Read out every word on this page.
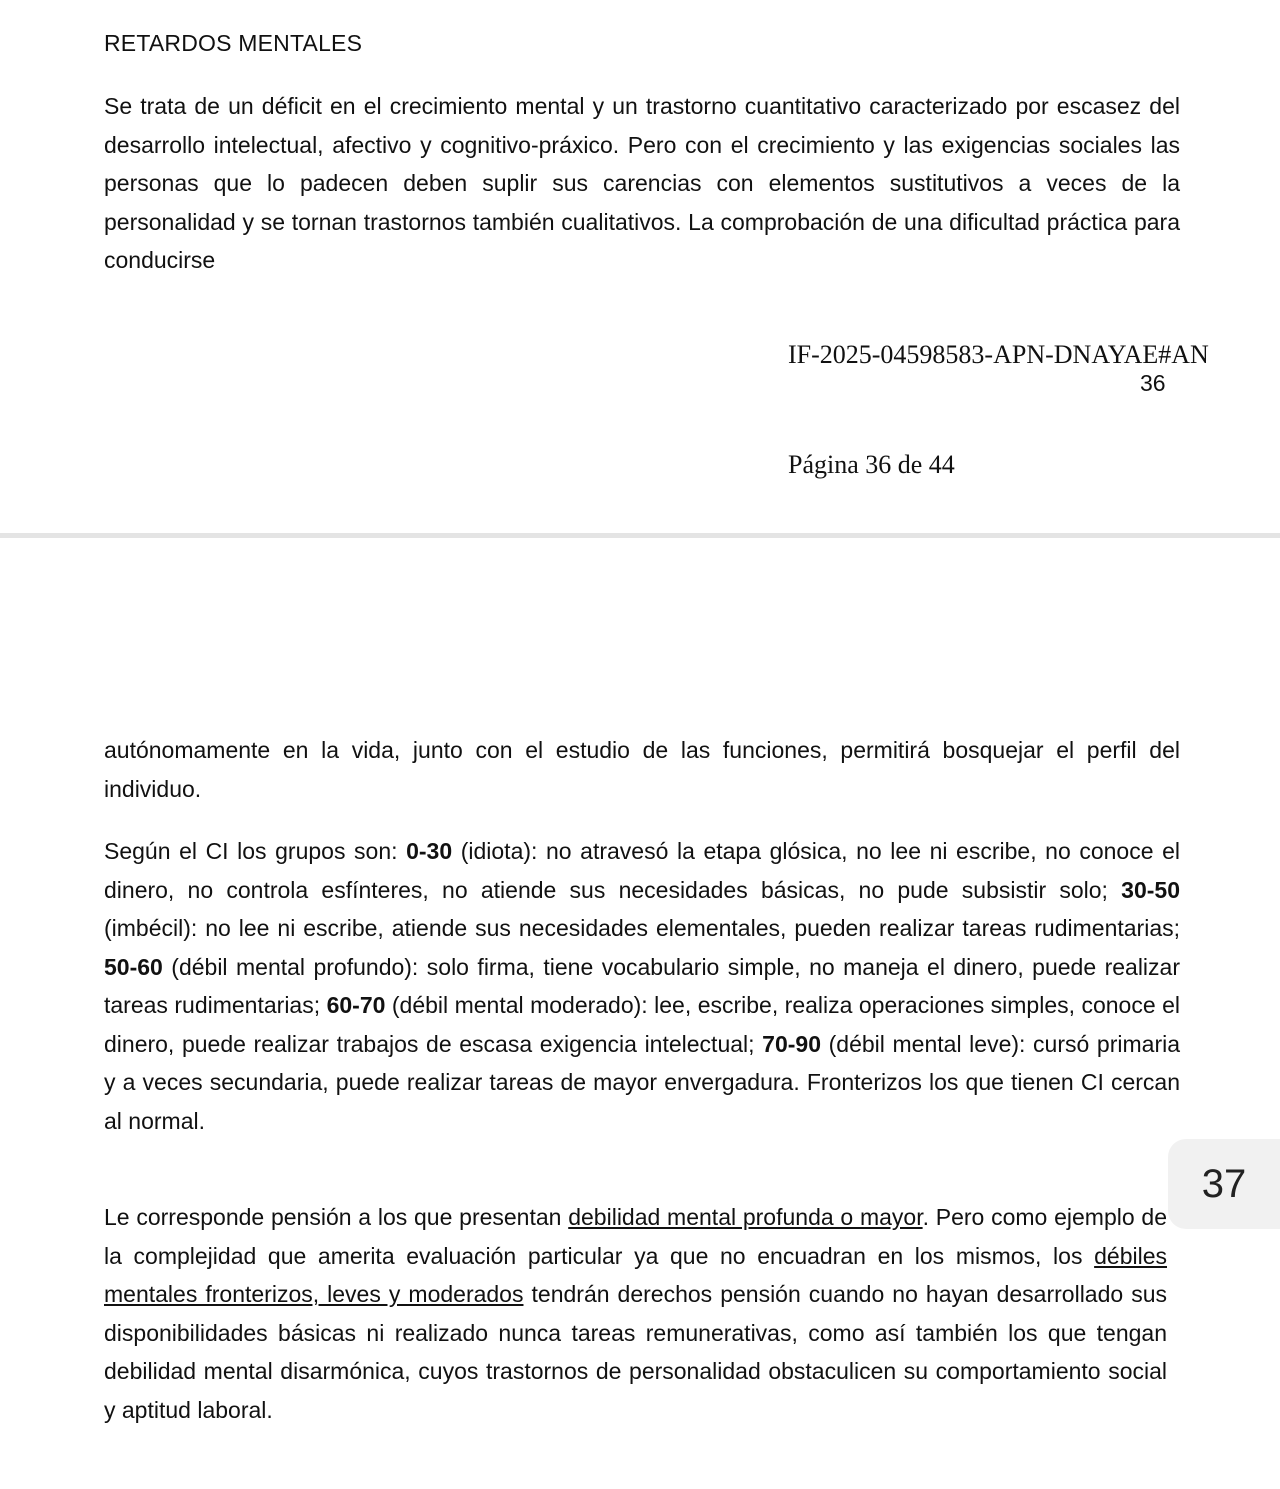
RETARDOS MENTALES

Se trata de un déficit en el crecimiento mental y un trastorno cuantitativo caracterizado por escasez del desarrollo intelectual, afectivo y cognitivo-práxico. Pero con el crecimiento y las exigencias sociales las personas que lo padecen deben suplir sus carencias con elementos sustitutivos a veces de la personalidad y se tornan trastornos también cualitativos. La comprobación de una dificultad práctica para conducirse

IF-2025-04598583-APN-DNAYAE#AN
36
Página 36 de 44

autónomamente en la vida, junto con el estudio de las funciones, permitirá bosquejar el perfil del individuo.

Según el CI los grupos son: 0-30 (idiota): no atravesó la etapa glósica, no lee ni escribe, no conoce el dinero, no controla esfínteres, no atiende sus necesidades básicas, no pude subsistir solo; 30-50 (imbécil): no lee ni escribe, atiende sus necesidades elementales, pueden realizar tareas rudimentarias; 50-60 (débil mental profundo): solo firma, tiene vocabulario simple, no maneja el dinero, puede realizar tareas rudimentarias; 60-70 (débil mental moderado): lee, escribe, realiza operaciones simples, conoce el dinero, puede realizar trabajos de escasa exigencia intelectual; 70-90 (débil mental leve): cursó primaria y a veces secundaria, puede realizar tareas de mayor envergadura. Fronterizos los que tienen CI cercan al normal.

Le corresponde pensión a los que presentan debilidad mental profunda o mayor. Pero como ejemplo de la complejidad que amerita evaluación particular ya que no encuadran en los mismos, los débiles mentales fronterizos, leves y moderados tendrán derechos pensión cuando no hayan desarrollado sus disponibilidades básicas ni realizado nunca tareas remunerativas, como así también los que tengan debilidad mental disarmónica, cuyos trastornos de personalidad obstaculicen su comportamiento social y aptitud laboral.

37
